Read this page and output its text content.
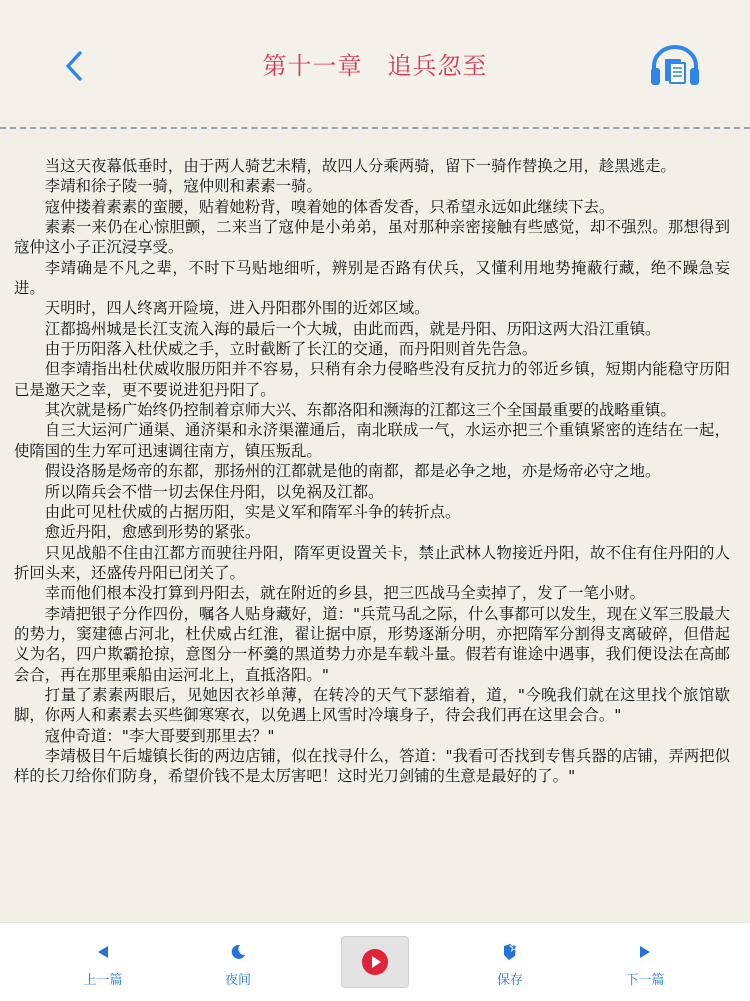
第十一章　追兵忽至

当这天夜幕低垂时，由于两人骑艺未精，故四人分乘两骑，留下一骑作替换之用，趁黑逃走。

李靖和徐子陵一骑，寇仲则和素素一骑。

寇仲搂着素素的蛮腰，贴着她粉背，嗅着她的体香发香，只希望永远如此继续下去。

素素一来仍在心惊胆颤，二来当了寇仲是小弟弟，虽对那种亲密接触有些感觉，却不强烈。那想得到寇仲这小子正沉浸享受。

李靖确是不凡之辈，不时下马贴地细听，辨别是否路有伏兵，又懂利用地势掩蔽行藏，绝不躁急妄进。

天明时，四人终离开险境，进入丹阳郡外围的近郊区域。

江都捣州城是长江支流入海的最后一个大城，由此而西，就是丹阳、历阳这两大沿江重镇。

由于历阳落入杜伏威之手，立时截断了长江的交通，而丹阳则首先告急。

但李靖指出杜伏威收服历阳并不容易，只稍有余力侵略些没有反抗力的邻近乡镇，短期内能稳守历阳已是邀天之幸，更不要说进犯丹阳了。

其次就是杨广始终仍控制着京师大兴、东都洛阳和濒海的江都这三个全国最重要的战略重镇。

自三大运河广通渠、通济渠和永济渠灌通后，南北联成一气，水运亦把三个重镇紧密的连结在一起，使隋国的生力军可迅速调往南方，镇压叛乱。

假设洛肠是炀帝的东都，那扬州的江都就是他的南都，都是必争之地，亦是炀帝必守之地。

所以隋兵会不惜一切去保住丹阳，以免祸及江都。

由此可见杜伏威的占据历阳，实是义军和隋军斗争的转折点。

愈近丹阳，愈感到形势的紧张。

只见战船不住由江都方而驶往丹阳，隋军更设置关卡，禁止武林人物接近丹阳，故不住有住丹阳的人折回头来，还盛传丹阳已闭关了。

幸而他们根本没打算到丹阳去，就在附近的乡县，把三匹战马全卖掉了，发了一笔小财。

李靖把银子分作四份，嘱各人贴身藏好，道："兵荒马乱之际，什么事都可以发生，现在义军三股最大的势力，窦建德占河北，杜伏威占红淮，翟让据中原，形势逐渐分明，亦把隋军分割得支离破碎，但借起义为名，四户欺霸抢掠，意图分一杯羹的黑道势力亦是车载斗量。假若有谁途中遇事，我们便设法在高邮会合，再在那里乘船由运河北上，直抵洛阳。"

打量了素素两眼后，见她因衣衫单薄，在转冷的天气下瑟缩着，道，"今晚我们就在这里找个旅馆歇脚，你两人和素素去买些御寒寒衣，以免遇上风雪时冷壤身子，待会我们再在这里会合。"

寇仲奇道："李大哥要到那里去？"

李靖极目午后墟镇长街的两边店铺，似在找寻什么，答道："我看可否找到专售兵器的店铺，弄两把似样的长刀给你们防身，希望价钱不是太厉害吧！这时光刀剑铺的生意是最好的了。"

上一篇	夜间	保存	下一篇
